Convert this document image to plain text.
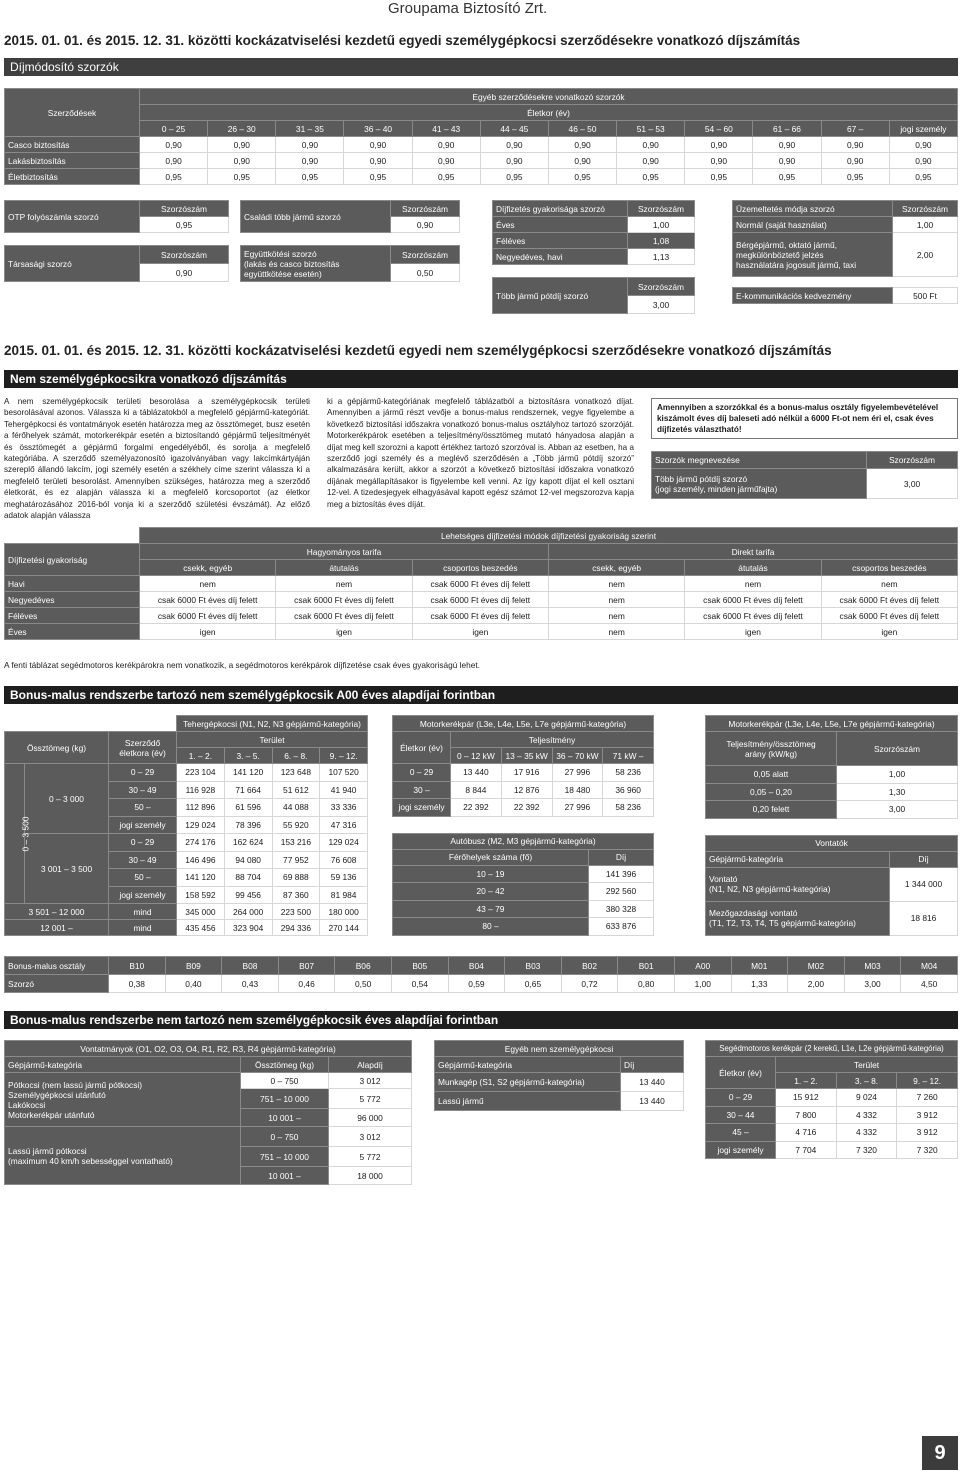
Groupama Biztosító Zrt.
2015. 01. 01. és 2015. 12. 31. közötti kockázatviselési kezdetű egyedi személygépkocsi szerződésekre vonatkozó díjszámítás
Díjmódosító szorzók
Szerződések	Egyéb szerződésekre vonatkozó szorzók											
	Életkor (év)											
	0 – 25	26 – 30	31 – 35	36 – 40	41 – 43	44 – 45	46 – 50	51 – 53	54 – 60	61 – 66	67 –	jogi személy
Casco biztosítás	0,90	0,90	0,90	0,90	0,90	0,90	0,90	0,90	0,90	0,90	0,90	0,90
Lakásbiztosítás	0,90	0,90	0,90	0,90	0,90	0,90	0,90	0,90	0,90	0,90	0,90	0,90
Életbiztosítás	0,95	0,95	0,95	0,95	0,95	0,95	0,95	0,95	0,95	0,95	0,95	0,95
OTP folyószámla szorzó	Szorzószám
0,95
Társasági szorzó	Szorzószám
0,90
Családi több jármű szorzó	Szorzószám
0,90
Együttkötési szorzó
(lakás és casco biztosítás
együttkötése esetén)	Szorzószám
0,50
Díjfizetés gyakorisága szorzó	Szorzószám
Éves	1,00
Féléves	1,08
Negyedéves, havi	1,13
Több jármű pótdíj szorzó	Szorzószám
3,00
Üzemeltetés módja szorzó	Szorzószám
Normál (saját használat)	1,00
Bérgépjármű, oktató jármű,
megkülönböztető jelzés
használatára jogosult jármű, taxi	2,00
E-kommunikációs kedvezmény	500 Ft
2015. 01. 01. és 2015. 12. 31. közötti kockázatviselési kezdetű egyedi nem személygépkocsi szerződésekre vonatkozó díjszámítás
Nem személygépkocsikra vonatkozó díjszámítás
A nem személygépkocsik területi besorolása a személygépkocsik területi besorolásával azonos. Válassza ki a táblázatokból a megfelelő gépjármű-kategóriát. Tehergépkocsi és vontatmányok esetén határozza meg az össztömeget, busz esetén a férőhelyek számát, motorkerékpár esetén a biztosítandó gépjármű teljesítményét és össztömegét a gépjármű forgalmi engedélyéből, és sorolja a megfelelő kategóriába. A szerződő személyazonosító igazolványában vagy lakcímkártyáján szereplő állandó lakcím, jogi személy esetén a székhely címe szerint válassza ki a megfelelő területi besorolást. Amennyiben szükséges, határozza meg a szerződő életkorát, és ez alapján válassza ki a megfelelő korcsoportot (az életkor meghatározásához 2016-ból vonja ki a szerződő születési évszámát). Az előző adatok alapján válassza
ki a gépjármű-kategóriának megfelelő táblázatból a biztosításra vonatkozó díjat. Amennyiben a jármű részt vevője a bonus-malus rendszernek, vegye figyelembe a következő biztosítási időszakra vonatkozó bonus-malus osztályhoz tartozó szorzóját. Motorkerékpárok esetében a teljesítmény/össztömeg mutató hányadosa alapján a díjat meg kell szorozni a kapott értékhez tartozó szorzóval is. Abban az esetben, ha a szerződő jogi személy és a meglévő szerződésén a „Több jármű pótdíj szorzó” alkalmazására került, akkor a szorzót a következő biztosítási időszakra vonatkozó díjának megállapításakor is figyelembe kell venni. Az így kapott díjat el kell osztani 12-vel. A tizedesjegyek elhagyásával kapott egész számot 12-vel megszorozva kapja meg a biztosítás éves díját.
Amennyiben a szorzókkal és a bonus-malus osztály figyelembevételével kiszámolt éves díj baleseti adó nélkül a 6000 Ft-ot nem éri el, csak éves díjfizetés választható!
Szorzók megnevezése	Szorzószám
Több jármű pótdíj szorzó
(jogi személy, minden járműfajta)	3,00
	Lehetséges díjfizetési módok díjfizetési gyakoriság szerint					
Díjfizetési gyakoriság	Hagyományos tarifa			Direkt tarifa		
	csekk, egyéb	átutalás	csoportos beszedés	csekk, egyéb	átutalás	csoportos beszedés
Havi	nem	nem	csak 6000 Ft éves díj felett	nem	nem	nem
Negyedéves	csak 6000 Ft éves díj felett	csak 6000 Ft éves díj felett	csak 6000 Ft éves díj felett	nem	csak 6000 Ft éves díj felett	csak 6000 Ft éves díj felett
Féléves	csak 6000 Ft éves díj felett	csak 6000 Ft éves díj felett	csak 6000 Ft éves díj felett	nem	csak 6000 Ft éves díj felett	csak 6000 Ft éves díj felett
Éves	igen	igen	igen	nem	igen	igen
A fenti táblázat segédmotoros kerékpárokra nem vonatkozik, a segédmotoros kerékpárok díjfizetése csak éves gyakoriságú lehet.
Bonus-malus rendszerbe tartozó nem személygépkocsik A00 éves alapdíjai forintban
			Tehergépkocsi (N1, N2, N3 gépjármű-kategória)			
Össztömeg (kg)		Szerződő
életkora (év)	Terület			
			1. – 2.	3. – 5.	6. – 8.	9. – 12.
0 – 3 500	0 – 3 000	0 – 29	223 104	141 120	123 648	107 520
		30 – 49	116 928	71 664	51 612	41 940
		50 –	112 896	61 596	44 088	33 336
		jogi személy	129 024	78 396	55 920	47 316
	3 001 – 3 500	0 – 29	274 176	162 624	153 216	129 024
		30 – 49	146 496	94 080	77 952	76 608
		50 –	141 120	88 704	69 888	59 136
		jogi személy	158 592	99 456	87 360	81 984
3 501 – 12 000		mind	345 000	264 000	223 500	180 000
12 001 –		mind	435 456	323 904	294 336	270 144
Motorkerékpár (L3e, L4e, L5e, L7e gépjármű-kategória)				
Életkor (év)	Teljesítmény			
	0 – 12 kW	13 – 35 kW	36 – 70 kW	71 kW –
0 – 29	13 440	17 916	27 996	58 236
30 –	8 844	12 876	18 480	36 960
jogi személy	22 392	22 392	27 996	58 236
Autóbusz (M2, M3 gépjármű-kategória)	
Férőhelyek száma (fő)	Díj
10 – 19	141 396
20 – 42	292 560
43 – 79	380 328
80 –	633 876
Motorkerékpár (L3e, L4e, L5e, L7e gépjármű-kategória)	
Teljesítmény/össztömeg
arány (kW/kg)	Szorzószám
0,05 alatt	1,00
0,05 – 0,20	1,30
0,20 felett	3,00
Vontatók	
Gépjármű-kategória	Díj
Vontató
(N1, N2, N3 gépjármű-kategória)	1 344 000
Mezőgazdasági vontató
(T1, T2, T3, T4, T5 gépjármű-kategória)	18 816
Bonus-malus osztály	B10	B09	B08	B07	B06	B05	B04	B03	B02	B01	A00	M01	M02	M03	M04
Szorzó	0,38	0,40	0,43	0,46	0,50	0,54	0,59	0,65	0,72	0,80	1,00	1,33	2,00	3,00	4,50
Bonus-malus rendszerbe nem tartozó nem személygépkocsik éves alapdíjai forintban
Vontatmányok (O1, O2, O3, O4, R1, R2, R3, R4 gépjármű-kategória)		
Gépjármű-kategória	Össztömeg (kg)	Alapdíj

Pótkocsi (nem lassú jármű pótkocsi)
Személygépkocsi utánfutó
Lakókocsi
Motorkerékpár utánfutó	0 – 750	3 012
	751 – 10 000	5 772
	10 001 –	96 000

Lassú jármű pótkocsi
(maximum 40 km/h sebességgel vontatható)	0 – 750	3 012
	751 – 10 000	5 772
	10 001 –	18 000
Egyéb nem személygépkocsi	
Gépjármű-kategória	Díj
Munkagép (S1, S2 gépjármű-kategória)	13 440
Lassú jármű	13 440
Segédmotoros kerékpár (2 kerekű, L1e, L2e gépjármű-kategória)			
Életkor (év)	Terület		
	1. – 2.	3. – 8.	9. – 12.
0 – 29	15 912	9 024	7 260
30 – 44	7 800	4 332	3 912
45 –	4 716	4 332	3 912
jogi személy	7 704	7 320	7 320
9
